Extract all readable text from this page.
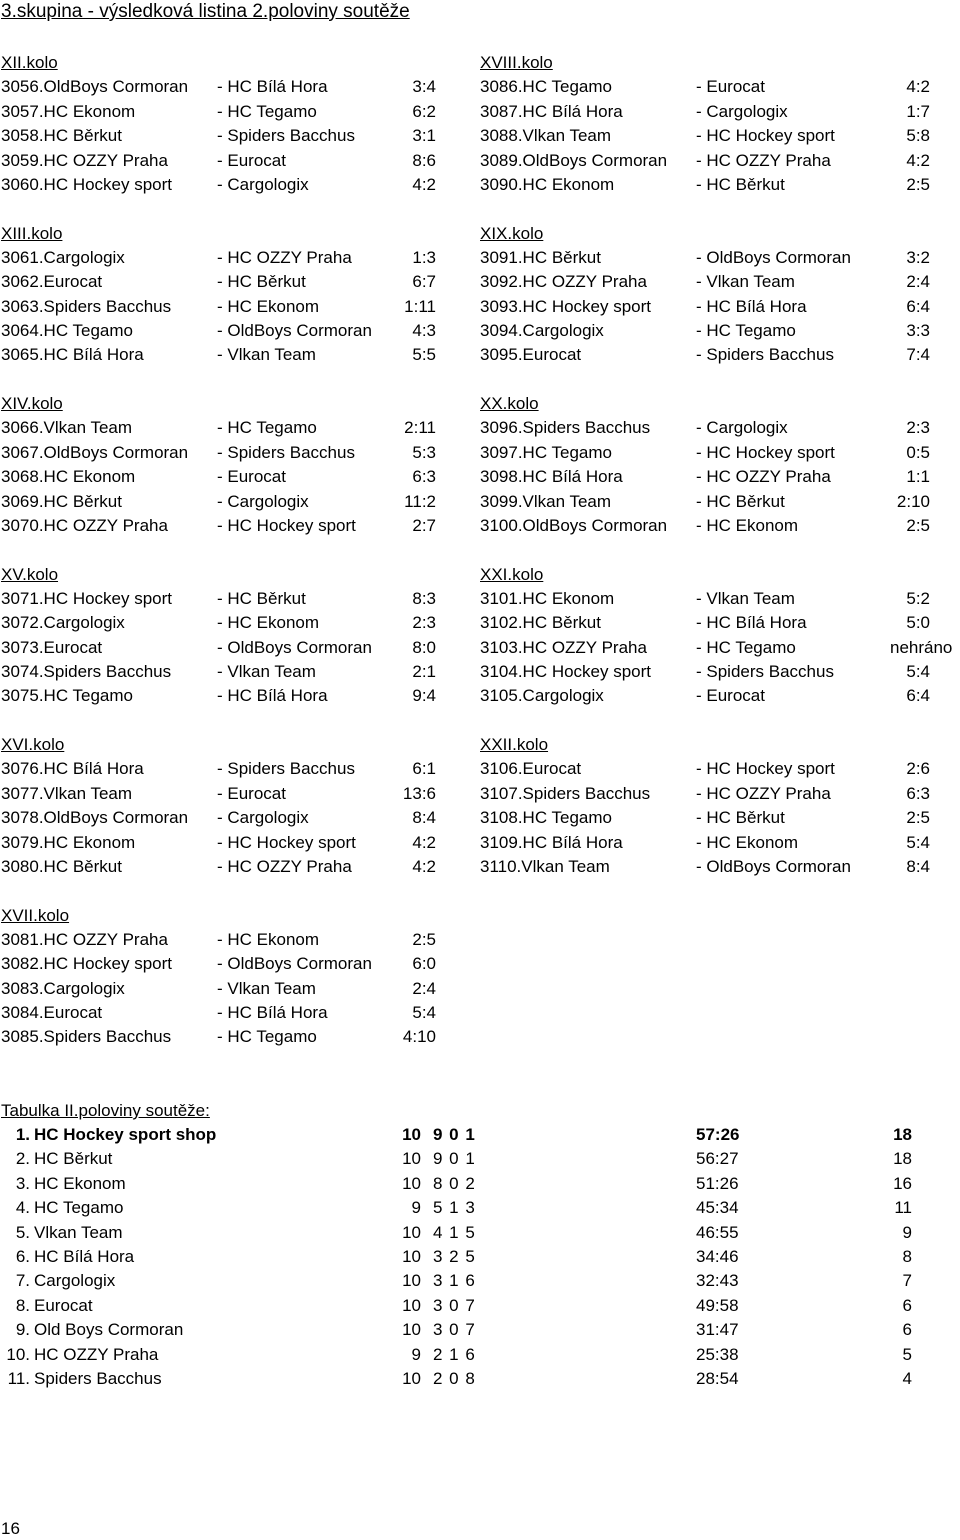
3.skupina - výsledková listina 2.poloviny soutěže
XII.kolo
3056.OldBoys Cormoran - HC Bílá Hora	3:4
3057.HC Ekonom	- HC Tegamo	6:2
3058.HC Běrkut	- Spiders Bacchus	3:1
3059.HC OZZY Praha	- Eurocat	8:6
3060.HC Hockey sport	- Cargologix	4:2
XIII.kolo
3061.Cargologix	- HC OZZY Praha	1:3
3062.Eurocat	- HC Běrkut	6:7
3063.Spiders Bacchus	- HC Ekonom	1:11
3064.HC Tegamo	- OldBoys Cormoran	4:3
3065.HC Bílá Hora	- Vlkan Team	5:5
XIV.kolo
3066.Vlkan Team	- HC Tegamo	2:11
3067.OldBoys Cormoran - Spiders Bacchus	5:3
3068.HC Ekonom	- Eurocat	6:3
3069.HC Běrkut	- Cargologix	11:2
3070.HC OZZY Praha	- HC Hockey sport	2:7
XV.kolo
3071.HC Hockey sport	- HC Běrkut	8:3
3072.Cargologix	- HC Ekonom	2:3
3073.Eurocat	- OldBoys Cormoran	8:0
3074.Spiders Bacchus	- Vlkan Team	2:1
3075.HC Tegamo	- HC Bílá Hora	9:4
XVI.kolo
3076.HC Bílá Hora	- Spiders Bacchus	6:1
3077.Vlkan Team	- Eurocat	13:6
3078.OldBoys Cormoran - Cargologix	8:4
3079.HC Ekonom	- HC Hockey sport	4:2
3080.HC Běrkut	- HC OZZY Praha	4:2
XVII.kolo
3081.HC OZZY Praha	- HC Ekonom	2:5
3082.HC Hockey sport	- OldBoys Cormoran	6:0
3083.Cargologix	- Vlkan Team	2:4
3084.Eurocat	- HC Bílá Hora	5:4
3085.Spiders Bacchus	- HC Tegamo	4:10
XVIII.kolo
3086.HC Tegamo	- Eurocat	4:2
3087.HC Bílá Hora	- Cargologix	1:7
3088.Vlkan Team	- HC Hockey sport	5:8
3089.OldBoys Cormoran - HC OZZY Praha	4:2
3090.HC Ekonom	- HC Běrkut	2:5
XIX.kolo
3091.HC Běrkut	- OldBoys Cormoran	3:2
3092.HC OZZY Praha	- Vlkan Team	2:4
3093.HC Hockey sport	- HC Bílá Hora	6:4
3094.Cargologix	- HC Tegamo	3:3
3095.Eurocat	- Spiders Bacchus	7:4
XX.kolo
3096.Spiders Bacchus	- Cargologix	2:3
3097.HC Tegamo	- HC Hockey sport	0:5
3098.HC Bílá Hora	- HC OZZY Praha	1:1
3099.Vlkan Team	- HC Běrkut	2:10
3100.OldBoys Cormoran - HC Ekonom	2:5
XXI.kolo
3101.HC Ekonom	- Vlkan Team	5:2
3102.HC Běrkut	- HC Bílá Hora	5:0
3103.HC OZZY Praha	- HC Tegamo	nehráno
3104.HC Hockey sport	- Spiders Bacchus	5:4
3105.Cargologix	- Eurocat	6:4
XXII.kolo
3106.Eurocat	- HC Hockey sport	2:6
3107.Spiders Bacchus	- HC OZZY Praha	6:3
3108.HC Tegamo	- HC Běrkut	2:5
3109.HC Bílá Hora	- HC Ekonom	5:4
3110.Vlkan Team	- OldBoys Cormoran	8:4
Tabulka II.poloviny soutěže:
1. HC Hockey sport shop	10 9 0 1	57:26	18
2. HC Běrkut	10 9 0 1	56:27	18
3. HC Ekonom	10 8 0 2	51:26	16
4. HC Tegamo	9 5 1 3	45:34	11
5. Vlkan Team	10 4 1 5	46:55	9
6. HC Bílá Hora	10 3 2 5	34:46	8
7. Cargologix	10 3 1 6	32:43	7
8. Eurocat	10 3 0 7	49:58	6
9. Old Boys Cormoran	10 3 0 7	31:47	6
10. HC OZZY Praha	9 2 1 6	25:38	5
11. Spiders Bacchus	10 2 0 8	28:54	4
16
